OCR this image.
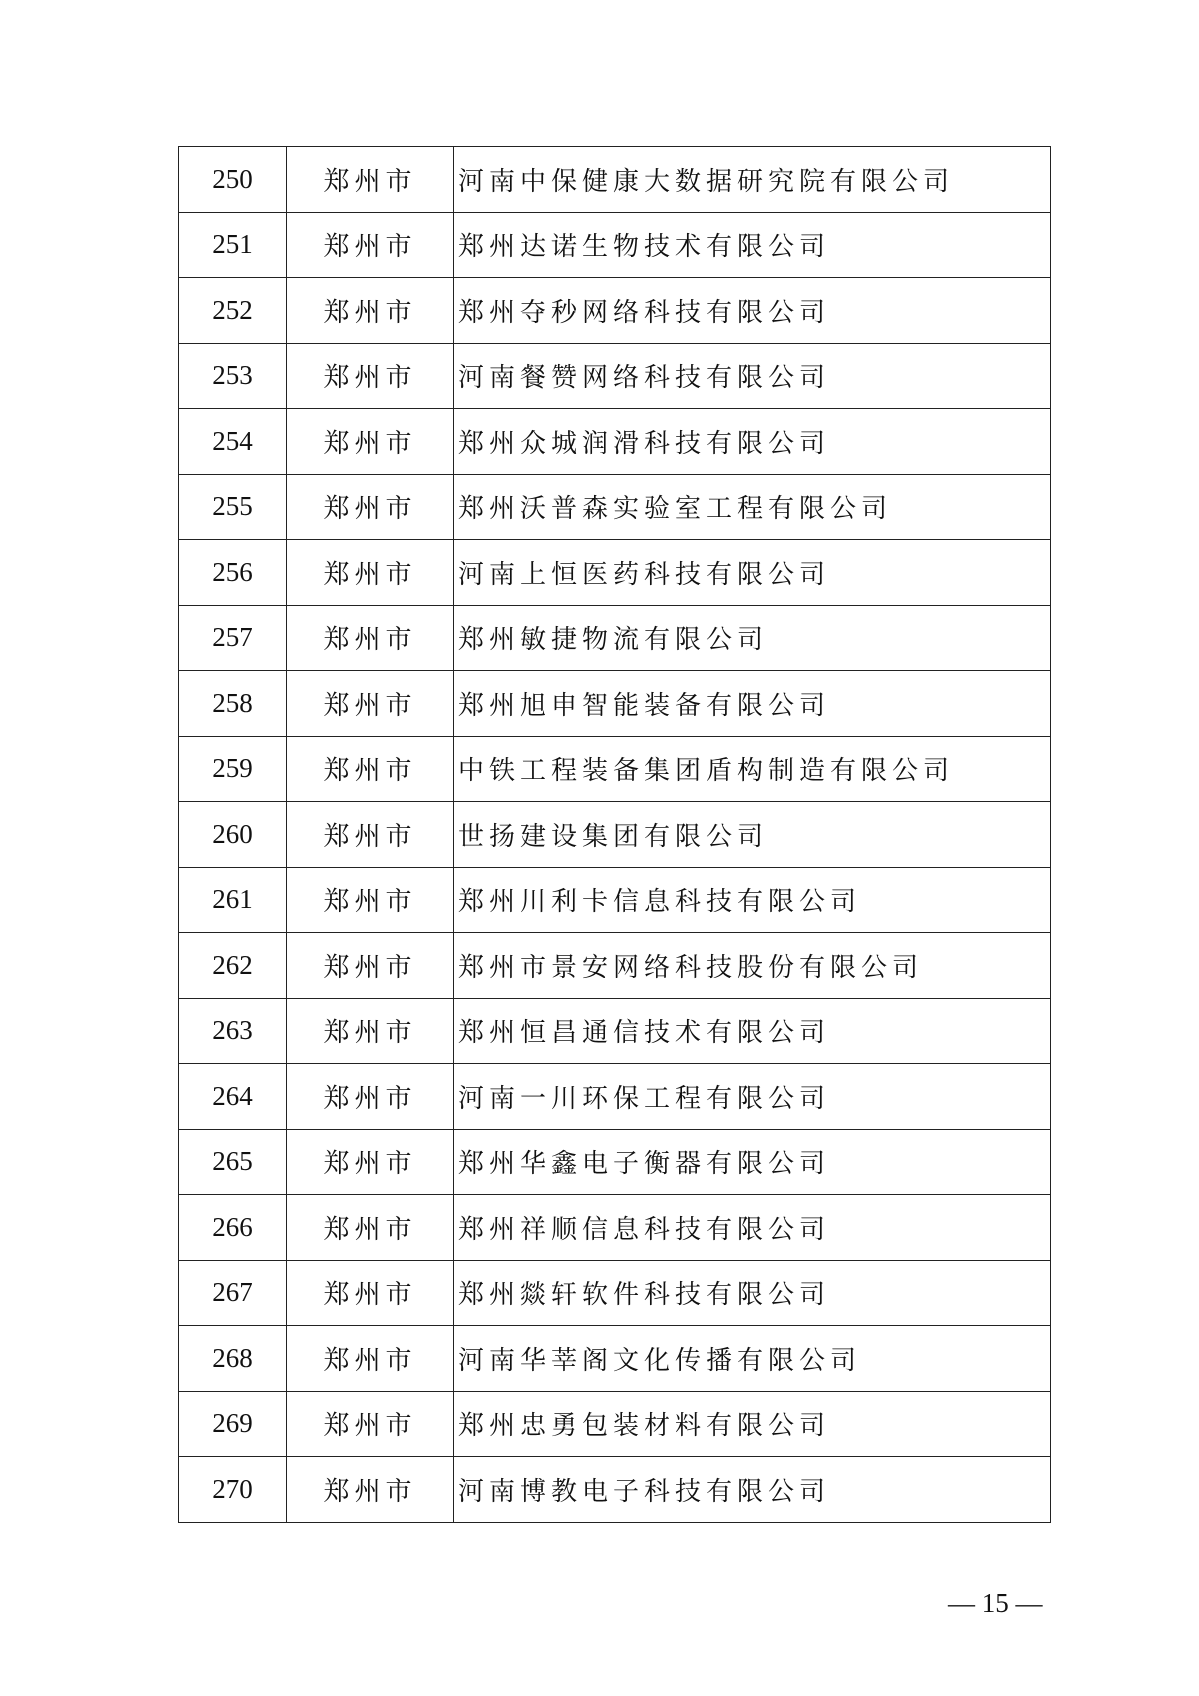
250	郑州市	河南中保健康大数据研究院有限公司
251	郑州市	郑州达诺生物技术有限公司
252	郑州市	郑州夺秒网络科技有限公司
253	郑州市	河南餐赞网络科技有限公司
254	郑州市	郑州众城润滑科技有限公司
255	郑州市	郑州沃普森实验室工程有限公司
256	郑州市	河南上恒医药科技有限公司
257	郑州市	郑州敏捷物流有限公司
258	郑州市	郑州旭申智能装备有限公司
259	郑州市	中铁工程装备集团盾构制造有限公司
260	郑州市	世扬建设集团有限公司
261	郑州市	郑州川利卡信息科技有限公司
262	郑州市	郑州市景安网络科技股份有限公司
263	郑州市	郑州恒昌通信技术有限公司
264	郑州市	河南一川环保工程有限公司
265	郑州市	郑州华鑫电子衡器有限公司
266	郑州市	郑州祥顺信息科技有限公司
267	郑州市	郑州燚轩软件科技有限公司
268	郑州市	河南华莘阁文化传播有限公司
269	郑州市	郑州忠勇包装材料有限公司
270	郑州市	河南博教电子科技有限公司
— 15 —
